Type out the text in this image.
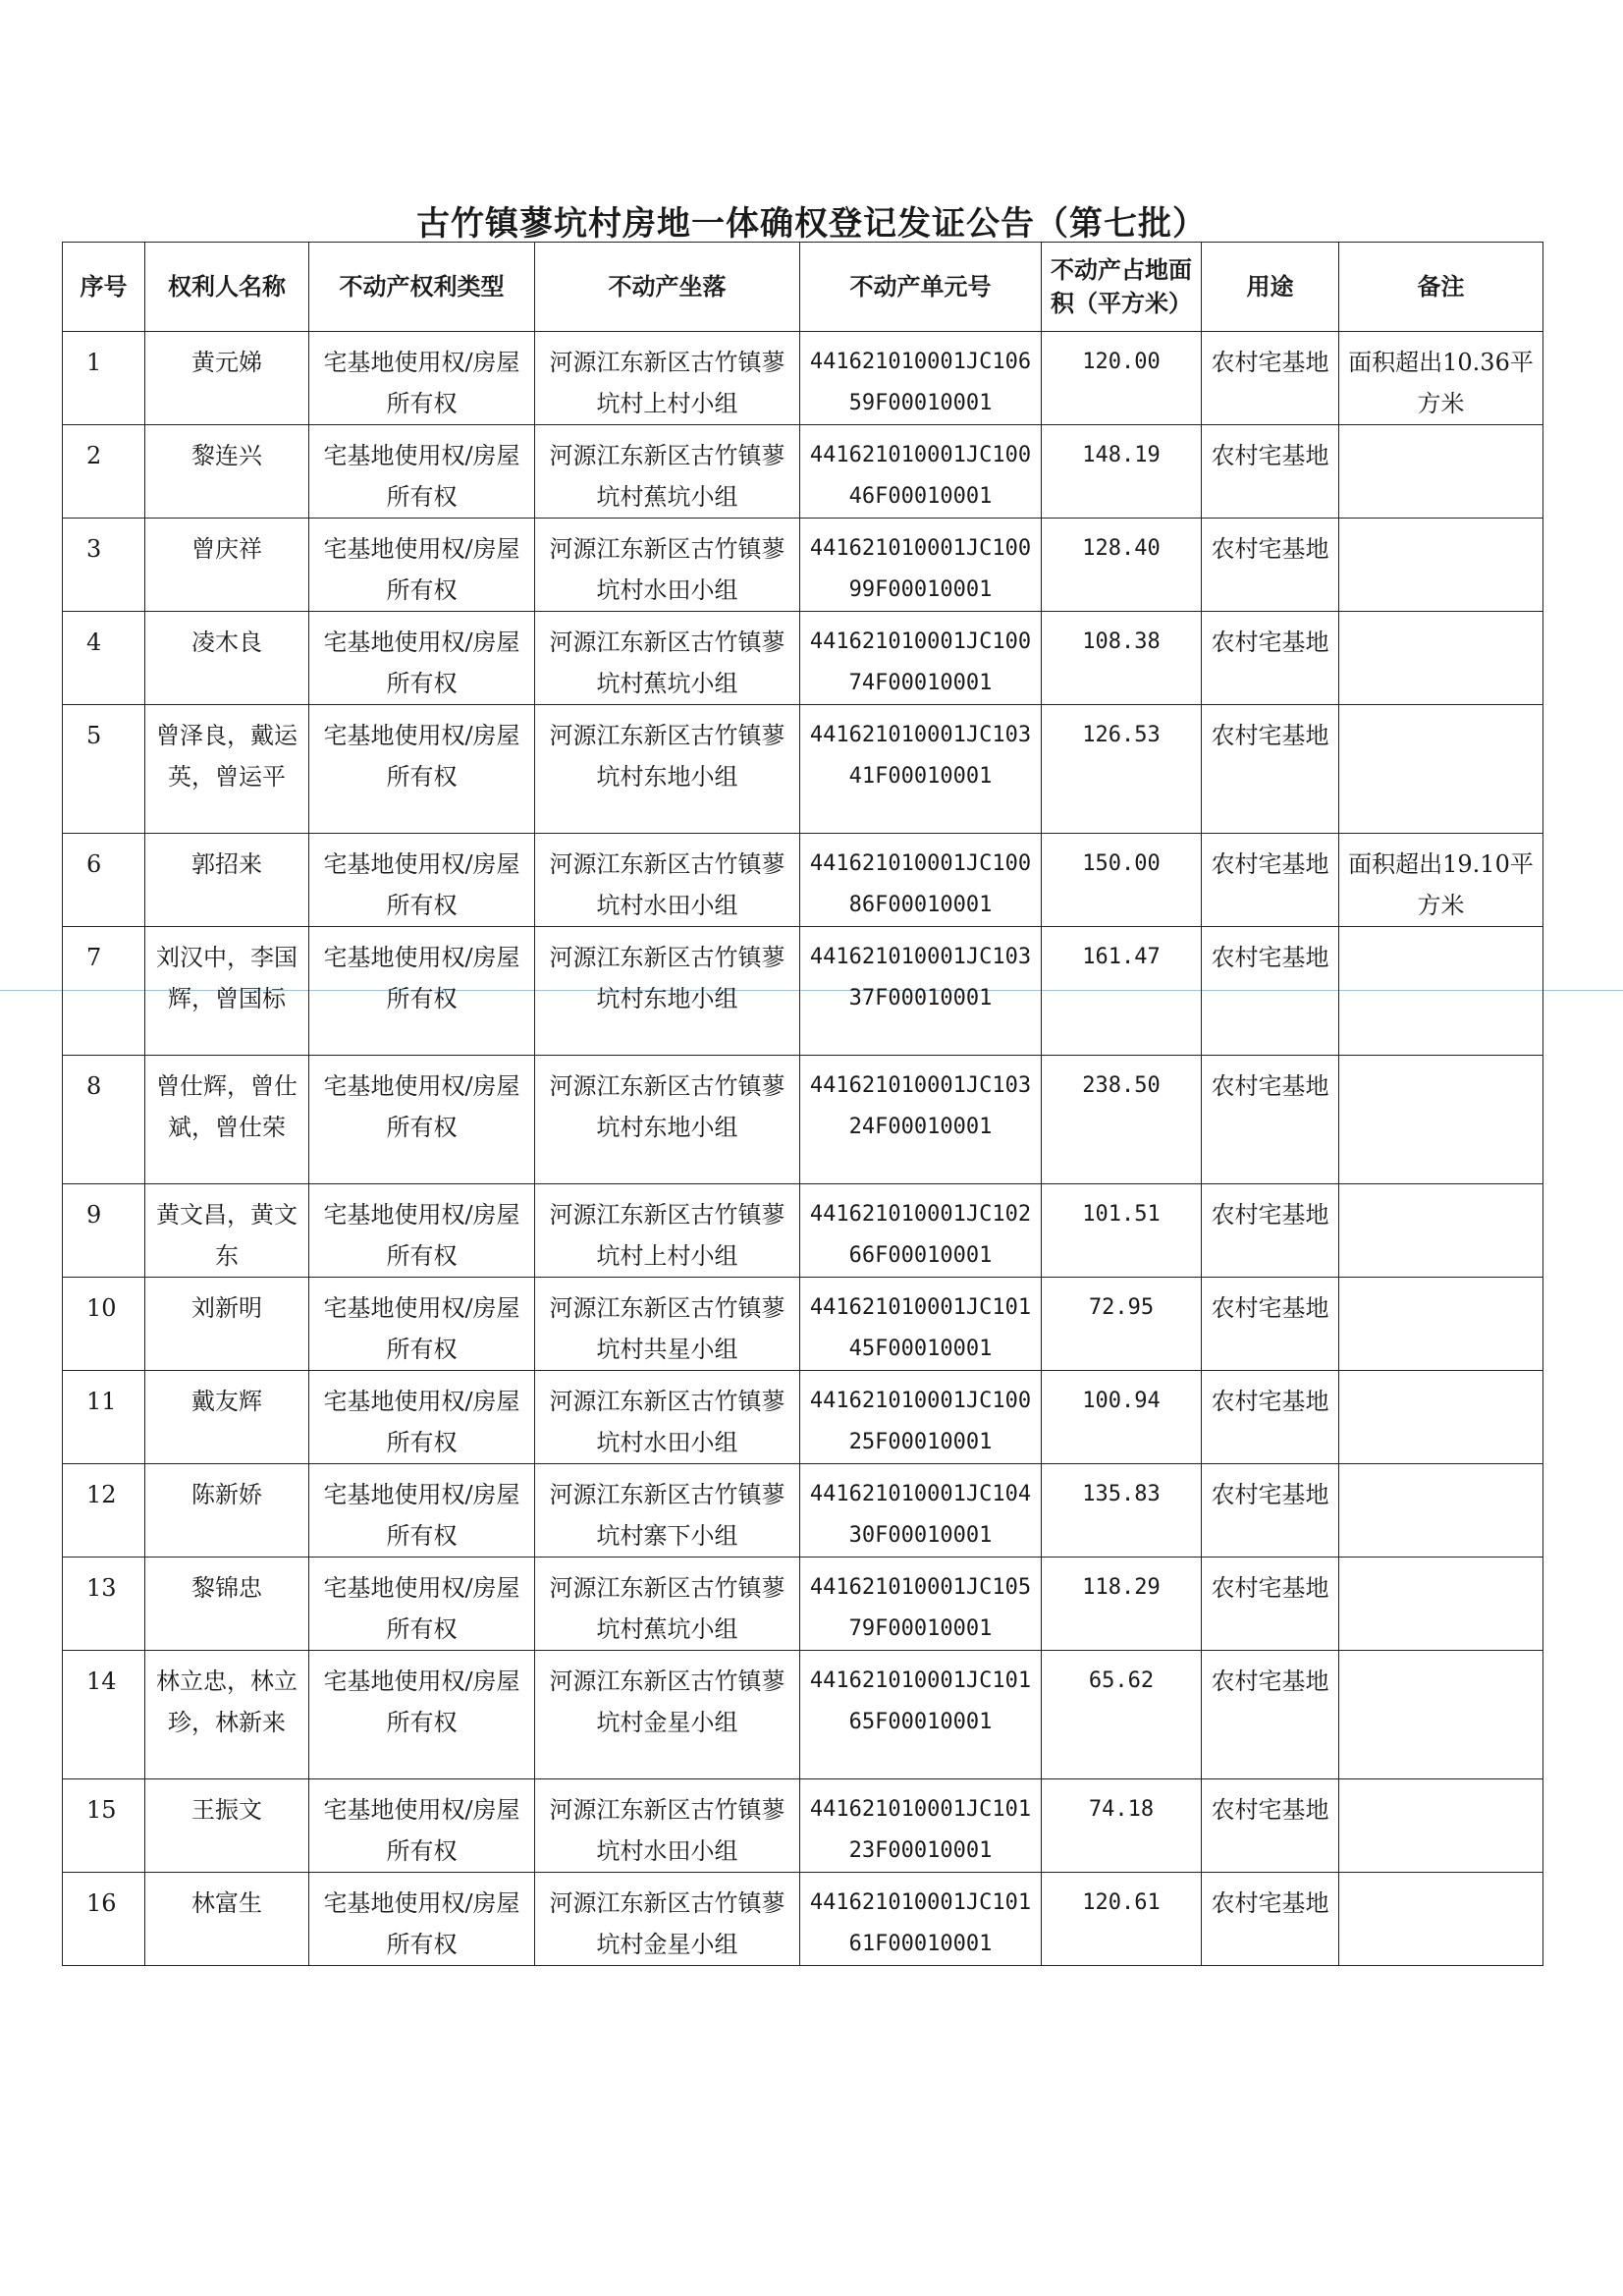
古竹镇蓼坑村房地一体确权登记发证公告（第七批）
序号	权利人名称	不动产权利类型	不动产坐落	不动产单元号	不动产占地面积（平方米）	用途	备注
1	黄元娣	宅基地使用权/房屋所有权	河源江东新区古竹镇蓼坑村上村小组	441621010001JC10659F00010001	120.00	农村宅基地	面积超出10.36平方米
2	黎连兴	宅基地使用权/房屋所有权	河源江东新区古竹镇蓼坑村蕉坑小组	441621010001JC10046F00010001	148.19	农村宅基地	
3	曾庆祥	宅基地使用权/房屋所有权	河源江东新区古竹镇蓼坑村水田小组	441621010001JC10099F00010001	128.40	农村宅基地	
4	凌木良	宅基地使用权/房屋所有权	河源江东新区古竹镇蓼坑村蕉坑小组	441621010001JC10074F00010001	108.38	农村宅基地	
5	曾泽良，戴运英，曾运平	宅基地使用权/房屋所有权	河源江东新区古竹镇蓼坑村东地小组	441621010001JC10341F00010001	126.53	农村宅基地	
6	郭招来	宅基地使用权/房屋所有权	河源江东新区古竹镇蓼坑村水田小组	441621010001JC10086F00010001	150.00	农村宅基地	面积超出19.10平方米
7	刘汉中，李国辉，曾国标	宅基地使用权/房屋所有权	河源江东新区古竹镇蓼坑村东地小组	441621010001JC10337F00010001	161.47	农村宅基地	
8	曾仕辉，曾仕斌，曾仕荣	宅基地使用权/房屋所有权	河源江东新区古竹镇蓼坑村东地小组	441621010001JC10324F00010001	238.50	农村宅基地	
9	黄文昌，黄文东	宅基地使用权/房屋所有权	河源江东新区古竹镇蓼坑村上村小组	441621010001JC10266F00010001	101.51	农村宅基地	
10	刘新明	宅基地使用权/房屋所有权	河源江东新区古竹镇蓼坑村共星小组	441621010001JC10145F00010001	72.95	农村宅基地	
11	戴友辉	宅基地使用权/房屋所有权	河源江东新区古竹镇蓼坑村水田小组	441621010001JC10025F00010001	100.94	农村宅基地	
12	陈新娇	宅基地使用权/房屋所有权	河源江东新区古竹镇蓼坑村寨下小组	441621010001JC10430F00010001	135.83	农村宅基地	
13	黎锦忠	宅基地使用权/房屋所有权	河源江东新区古竹镇蓼坑村蕉坑小组	441621010001JC10579F00010001	118.29	农村宅基地	
14	林立忠，林立珍，林新来	宅基地使用权/房屋所有权	河源江东新区古竹镇蓼坑村金星小组	441621010001JC10165F00010001	65.62	农村宅基地	
15	王振文	宅基地使用权/房屋所有权	河源江东新区古竹镇蓼坑村水田小组	441621010001JC10123F00010001	74.18	农村宅基地	
16	林富生	宅基地使用权/房屋所有权	河源江东新区古竹镇蓼坑村金星小组	441621010001JC10161F00010001	120.61	农村宅基地	
